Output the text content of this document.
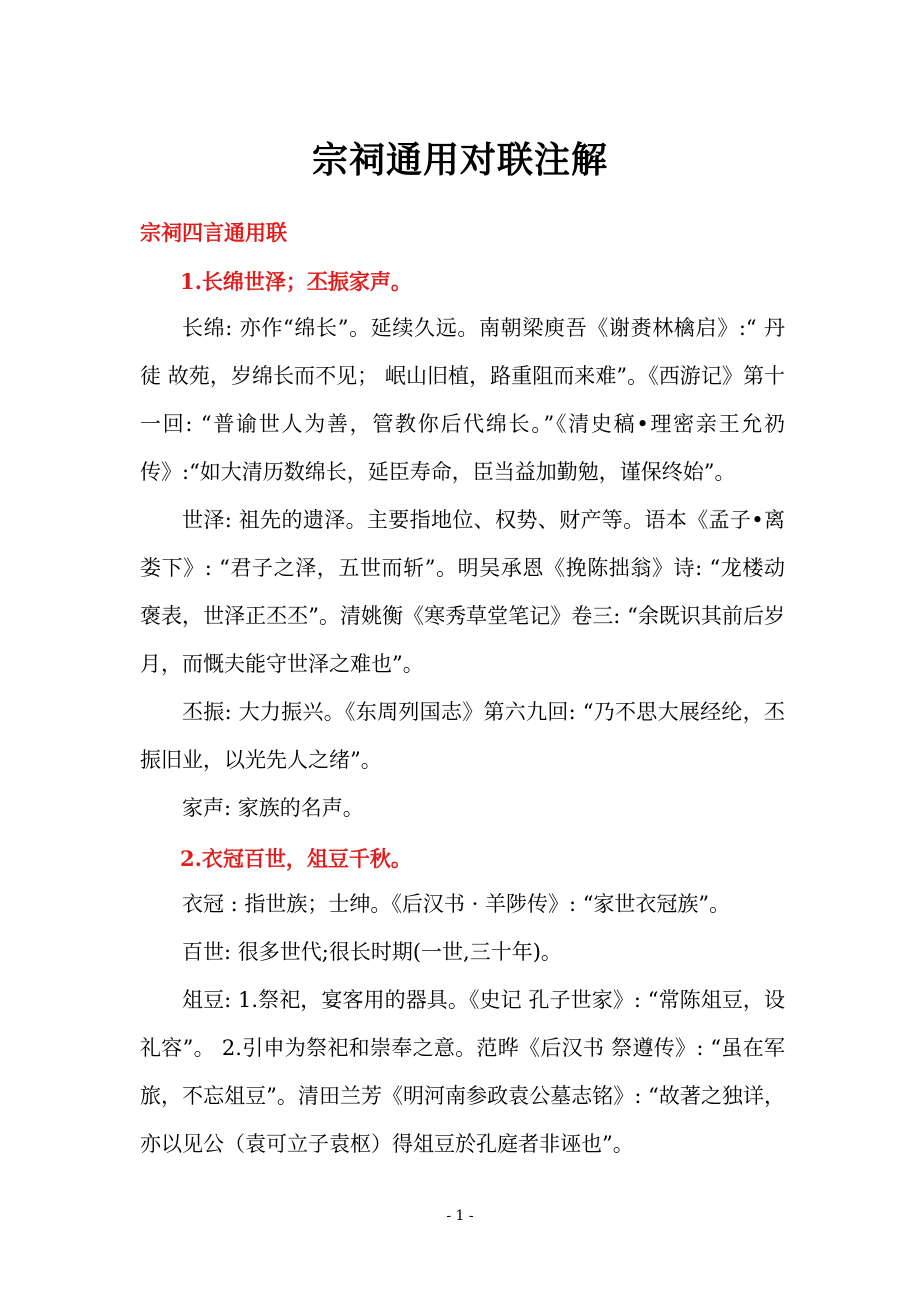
宗祠通用对联注解
宗祠四言通用联
1.长绵世泽；丕振家声。

长绵: 亦作“绵长”。延续久远。南朝梁庾吾《谢赉林檎启》:“ 丹徒 故苑，岁绵长而不见； 岷山旧植，路重阻而来难”。《西游记》第十一回: “普谕世人为善，管教你后代绵长。”《清史稿•理密亲王允礽传》:“如大清历数绵长，延臣寿命，臣当益加勤勉，谨保终始”。

世泽: 祖先的遗泽。主要指地位、权势、财产等。语本《孟子•离娄下》: “君子之泽，五世而斩”。明吴承恩《挽陈拙翁》诗: “龙楼动褒表，世泽正丕丕”。清姚衡《寒秀草堂笔记》卷三: “余既识其前后岁月，而慨夫能守世泽之难也”。

丕振: 大力振兴。《东周列国志》第六九回: “乃不思大展经纶，丕振旧业，以光先人之绪”。

家声: 家族的名声。

2.衣冠百世，俎豆千秋。

衣冠 : 指世族；士绅。《后汉书 · 羊陟传》: “家世衣冠族”。

百世: 很多世代;很长时期(一世,三十年)。

俎豆: 1.祭祀，宴客用的器具。《史记 孔子世家》: “常陈俎豆，设礼容”。 2.引申为祭祀和崇奉之意。范晔《后汉书 祭遵传》: “虽在军旅，不忘俎豆”。清田兰芳《明河南参政袁公墓志铭》: “故著之独详，亦以见公（袁可立子袁枢）得俎豆於孔庭者非诬也”。

- 1 -
